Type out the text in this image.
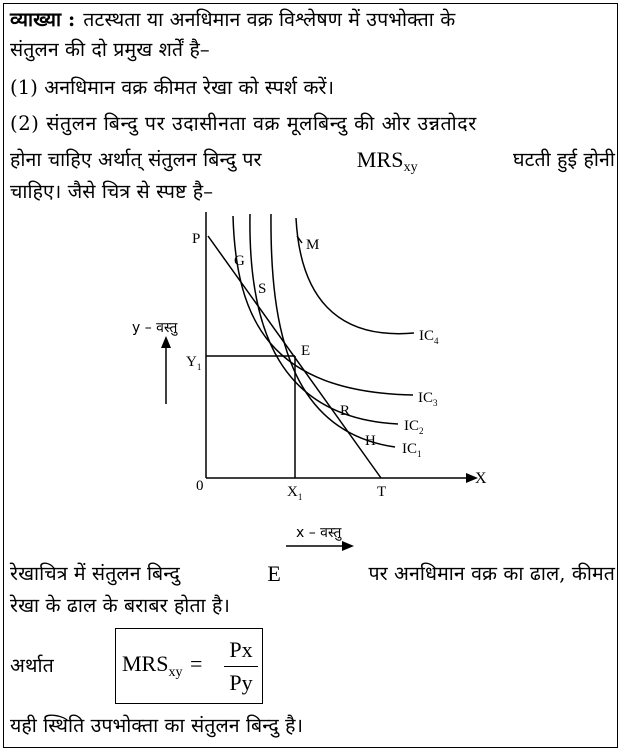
व्याख्या : तटस्थता या अनधिमान वक्र विश्लेषण में उपभोक्ता के
संतुलन की दो प्रमुख शर्तें है–
(1) अनधिमान वक्र कीमत रेखा को स्पर्श करें।
(2) संतुलन बिन्दु पर उदासीनता वक्र मूलबिन्दु की ओर उन्नतोदर
होना चाहिए अर्थात् संतुलन बिन्दु पर	$MRS_{xy}$	घटती हुई होनी
चाहिए। जैसे चित्र से स्पष्ट है–
P
G
S
M
E
R
H
0	X
T
$Y_1$
$X_1$
$IC_1$
$IC_2$
$IC_3$
$IC_4$
y – वस्तु
x – वस्तु
रेखाचित्र में संतुलन बिन्दु	E	पर अनधिमान वक्र का ढाल, कीमत
रेखा के ढाल के बराबर होता है।
अर्थात	$MRS_{xy}$ =
Px
Py
यही स्थिति उपभोक्ता का संतुलन बिन्दु है।
